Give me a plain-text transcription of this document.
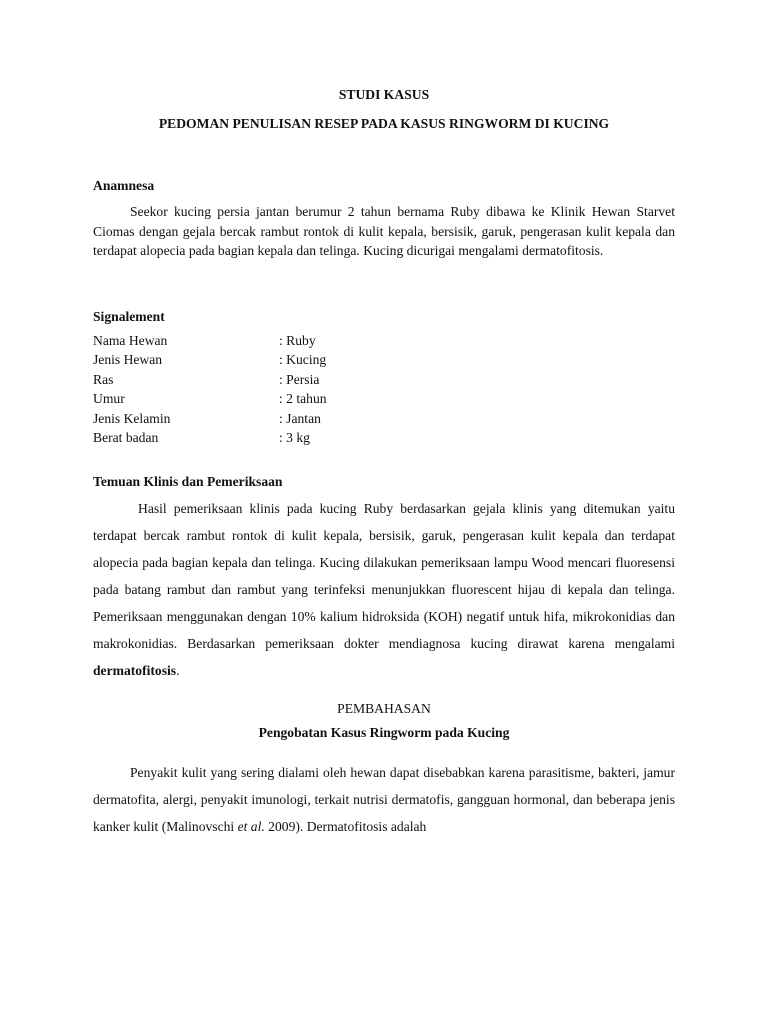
STUDI KASUS
PEDOMAN PENULISAN RESEP PADA KASUS RINGWORM DI KUCING
Anamnesa
Seekor kucing persia jantan berumur 2 tahun bernama Ruby dibawa ke Klinik Hewan Starvet Ciomas dengan gejala bercak rambut rontok di kulit kepala, bersisik, garuk, pengerasan kulit kepala dan terdapat alopecia pada bagian kepala dan telinga. Kucing dicurigai mengalami dermatofitosis.
Signalement
Nama Hewan	: Ruby
Jenis Hewan	: Kucing
Ras	: Persia
Umur	: 2 tahun
Jenis Kelamin	: Jantan
Berat badan	: 3 kg
Temuan Klinis dan Pemeriksaan
Hasil pemeriksaan klinis pada kucing Ruby berdasarkan gejala klinis yang ditemukan yaitu terdapat bercak rambut rontok di kulit kepala, bersisik, garuk, pengerasan kulit kepala dan terdapat alopecia pada bagian kepala dan telinga. Kucing dilakukan pemeriksaan lampu Wood mencari fluoresensi pada batang rambut dan rambut yang terinfeksi menunjukkan fluorescent hijau di kepala dan telinga. Pemeriksaan menggunakan dengan 10% kalium hidroksida (KOH) negatif untuk hifa, mikrokonidias dan makrokonidias. Berdasarkan pemeriksaan dokter mendiagnosa kucing dirawat karena mengalami dermatofitosis.
PEMBAHASAN
Pengobatan Kasus Ringworm pada Kucing
Penyakit kulit yang sering dialami oleh hewan dapat disebabkan karena parasitisme, bakteri, jamur dermatofita, alergi, penyakit imunologi, terkait nutrisi dermatofis, gangguan hormonal, dan beberapa jenis kanker kulit (Malinovschi et al. 2009). Dermatofitosis adalah
